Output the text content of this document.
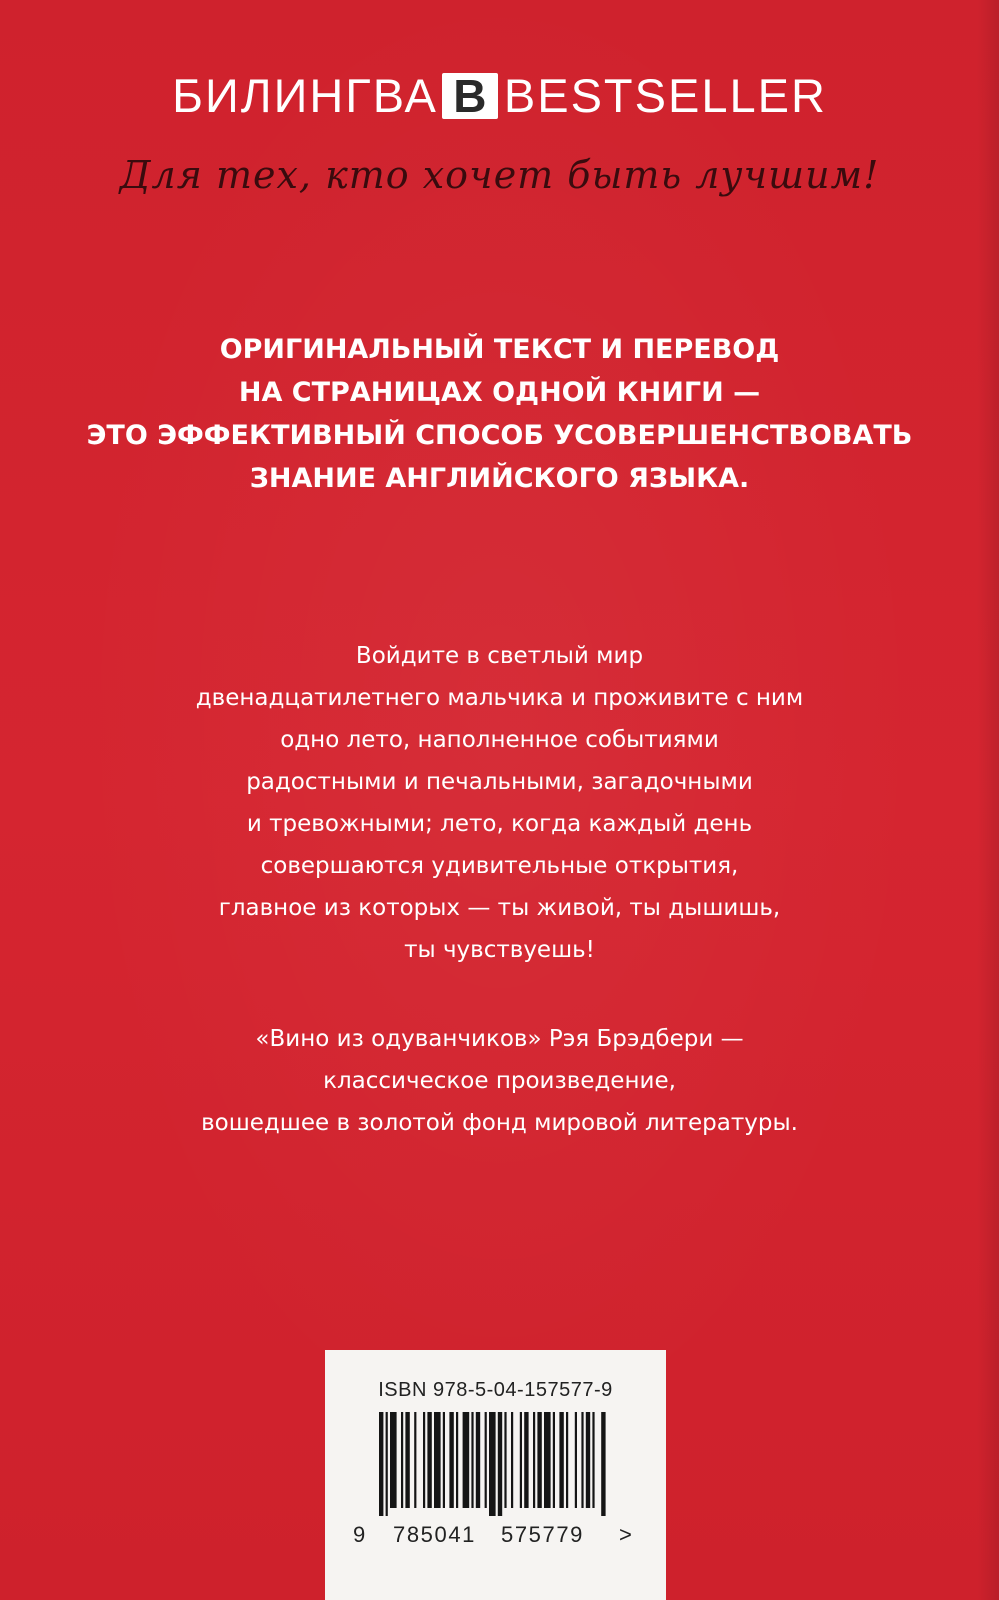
БИЛИНГВА B BESTSELLER
Для тех, кто хочет быть лучшим!
ОРИГИНАЛЬНЫЙ ТЕКСТ И ПЕРЕВОД
НА СТРАНИЦАХ ОДНОЙ КНИГИ —
ЭТО ЭФФЕКТИВНЫЙ СПОСОБ УСОВЕРШЕНСТВОВАТЬ
ЗНАНИЕ АНГЛИЙСКОГО ЯЗЫКА.
Войдите в светлый мир
двенадцатилетнего мальчика и проживите с ним
одно лето, наполненное событиями
радостными и печальными, загадочными
и тревожными; лето, когда каждый день
совершаются удивительные открытия,
главное из которых — ты живой, ты дышишь,
ты чувствуешь!
«Вино из одуванчиков» Рэя Брэдбери —
классическое произведение,
вошедшее в золотой фонд мировой литературы.
ISBN 978-5-04-157577-9
9 785041 575779 >
